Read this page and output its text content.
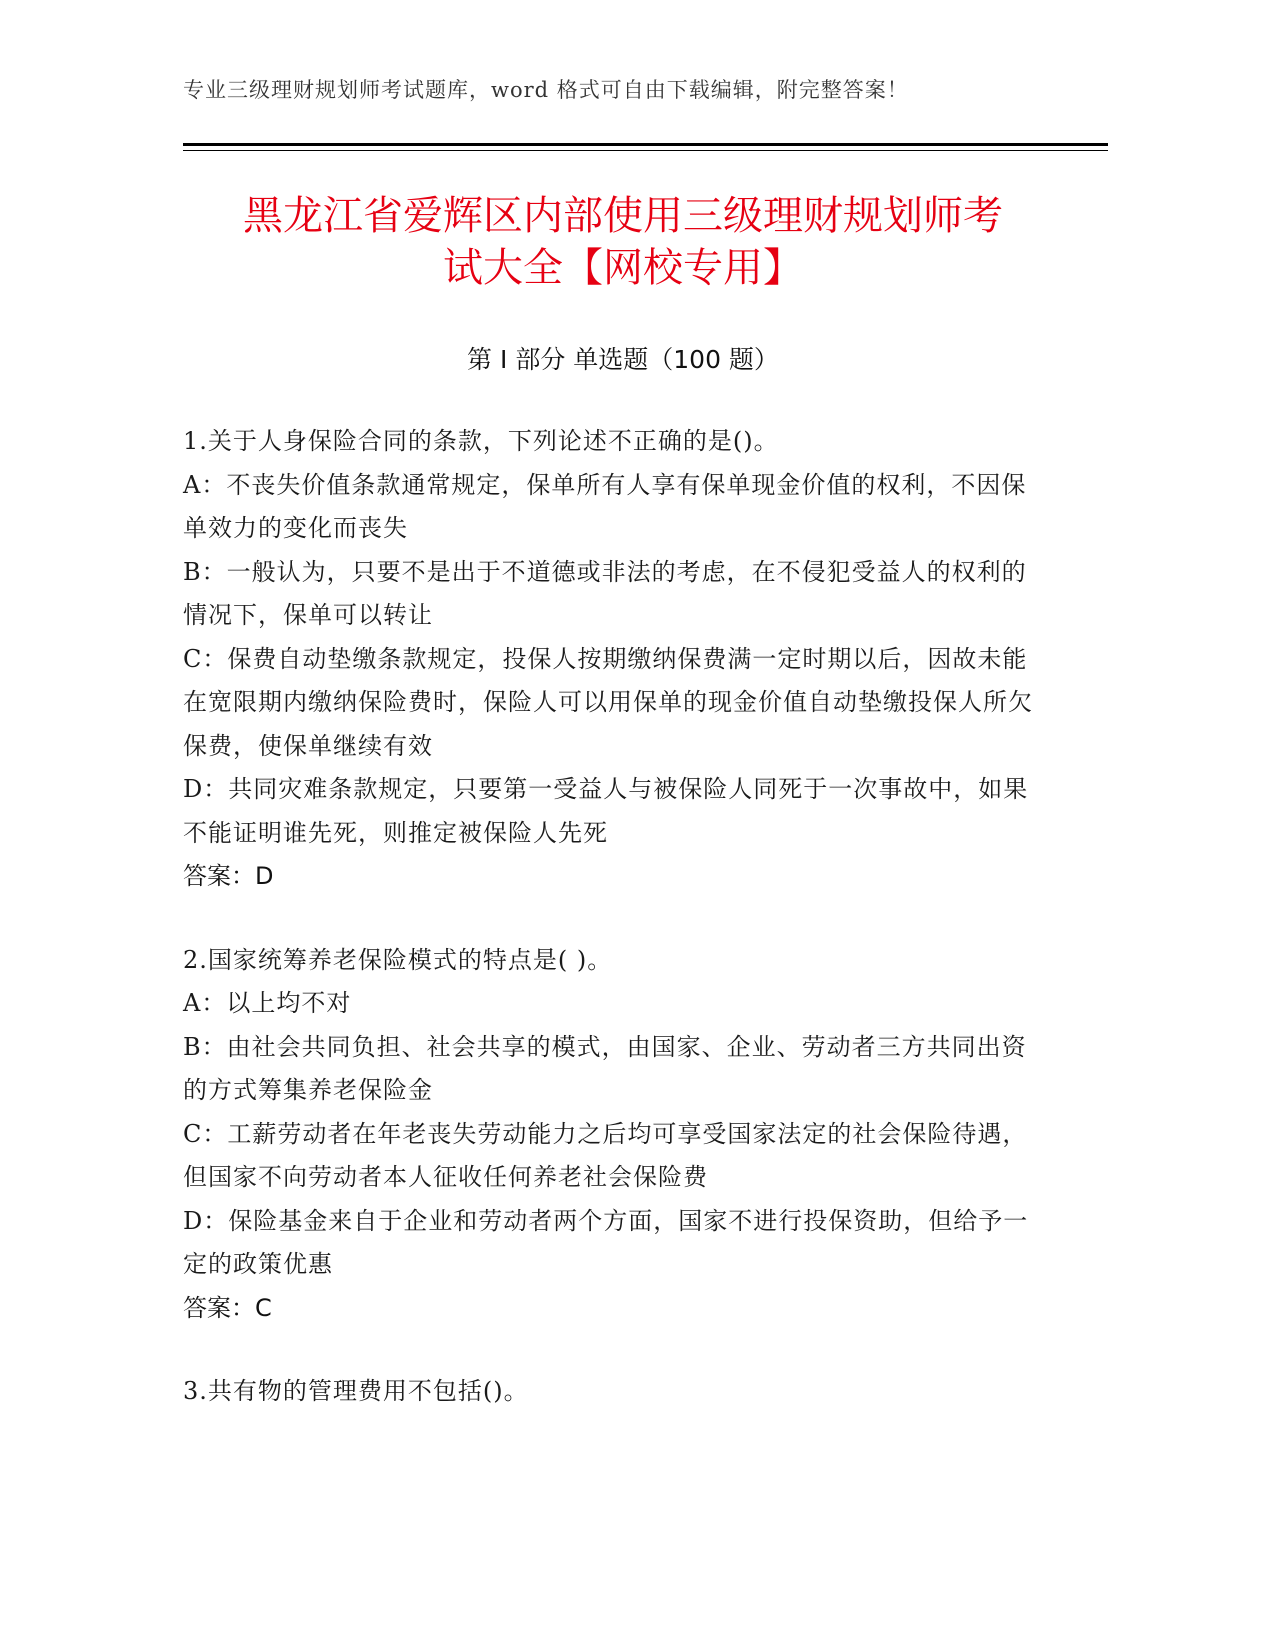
专业三级理财规划师考试题库，word 格式可自由下载编辑，附完整答案！
黑龙江省爱辉区内部使用三级理财规划师考
试大全【网校专用】
第 I 部分 单选题（100 题）
1.关于人身保险合同的条款，下列论述不正确的是()。
A：不丧失价值条款通常规定，保单所有人享有保单现金价值的权利，不因保单效力的变化而丧失
B：一般认为，只要不是出于不道德或非法的考虑，在不侵犯受益人的权利的情况下，保单可以转让
C：保费自动垫缴条款规定，投保人按期缴纳保费满一定时期以后，因故未能在宽限期内缴纳保险费时，保险人可以用保单的现金价值自动垫缴投保人所欠保费，使保单继续有效
D：共同灾难条款规定，只要第一受益人与被保险人同死于一次事故中，如果不能证明谁先死，则推定被保险人先死
答案：D
2.国家统筹养老保险模式的特点是( )。
A：以上均不对
B：由社会共同负担、社会共享的模式，由国家、企业、劳动者三方共同出资的方式筹集养老保险金
C：工薪劳动者在年老丧失劳动能力之后均可享受国家法定的社会保险待遇，但国家不向劳动者本人征收任何养老社会保险费
D：保险基金来自于企业和劳动者两个方面，国家不进行投保资助，但给予一定的政策优惠
答案：C
3.共有物的管理费用不包括()。
